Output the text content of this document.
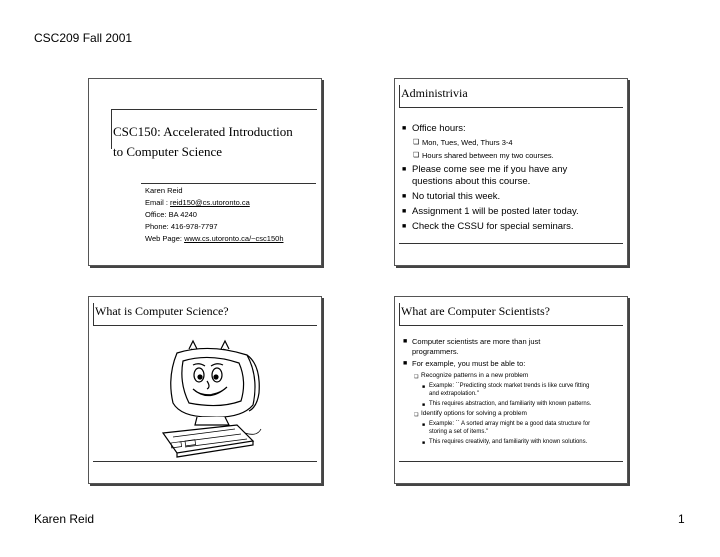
CSC209 Fall 2001
CSC150: Accelerated Introduction
to Computer Science
Karen Reid
Email : reid150@cs.utoronto.ca
Office: BA 4240
Phone: 416-978-7797
Web Page: www.cs.utoronto.ca/~csc150h
Administrivia
■ Office hours:
❏ Mon, Tues, Wed, Thurs 3-4
❏ Hours shared between my two courses.
■ Please come see me if you have any
questions about this course.
■ No tutorial this week.
■ Assignment 1 will be posted later today.
■ Check the CSSU for special seminars.
What is Computer Science?	What are Computer Scientists?
■ Computer scientists are more than just
programmers.
■ For example, you must be able to:
❏ Recognize patterns in a new problem
■ Example: ``Predicting stock market trends is like curve fitting
and extrapolation."
■ This requires abstraction, and familiarity with known patterns.
❏ Identify options for solving a problem
■ Example: `` A sorted array might be a good data structure for
storing a set of items."
■ This requires creativity, and familiarity with known solutions.
Karen Reid	1
